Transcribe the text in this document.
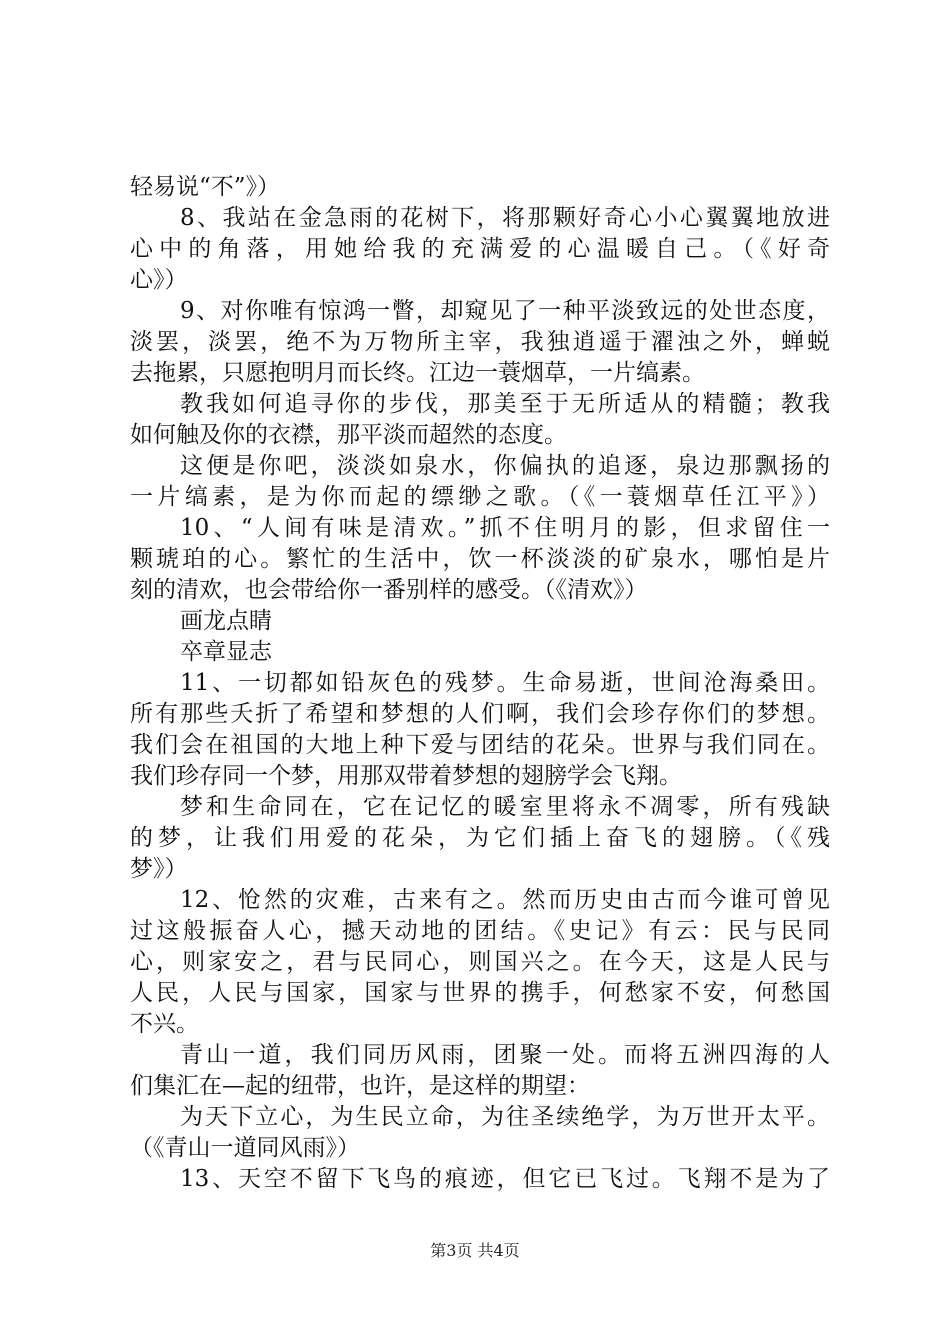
轻易说“不”》）
8、我站在金急雨的花树下，将那颗好奇心小心翼翼地放进
心中的角落，用她给我的充满爱的心温暖自己。（《好奇
心》）
9、对你唯有惊鸿一瞥，却窥见了一种平淡致远的处世态度，
淡罢，淡罢，绝不为万物所主宰，我独逍遥于濯浊之外，蝉蜕
去拖累，只愿抱明月而长终。江边一蓑烟草，一片缟素。
教我如何追寻你的步伐，那美至于无所适从的精髓；教我
如何触及你的衣襟，那平淡而超然的态度。
这便是你吧，淡淡如泉水，你偏执的追逐，泉边那飘扬的
一片缟素，是为你而起的缥缈之歌。（《一蓑烟草任江平》）
10、“人间有味是清欢。”抓不住明月的影，但求留住一
颗琥珀的心。繁忙的生活中，饮一杯淡淡的矿泉水，哪怕是片
刻的清欢，也会带给你一番别样的感受。（《清欢》）
画龙点睛
卒章显志
11、一切都如铅灰色的残梦。生命易逝，世间沧海桑田。
所有那些夭折了希望和梦想的人们啊，我们会珍存你们的梦想。
我们会在祖国的大地上种下爱与团结的花朵。世界与我们同在。
我们珍存同一个梦，用那双带着梦想的翅膀学会飞翔。
梦和生命同在，它在记忆的暖室里将永不凋零，所有残缺
的梦，让我们用爱的花朵，为它们插上奋飞的翅膀。（《残
梦》）
12、怆然的灾难，古来有之。然而历史由古而今谁可曾见
过这般振奋人心，撼天动地的团结。《史记》有云：民与民同
心，则家安之，君与民同心，则国兴之。在今天，这是人民与
人民，人民与国家，国家与世界的携手，何愁家不安，何愁国
不兴。
青山一道，我们同历风雨，团聚一处。而将五洲四海的人
们集汇在—起的纽带，也许，是这样的期望：
为天下立心，为生民立命，为往圣续绝学，为万世开太平。
（《青山一道同风雨》）
13、天空不留下飞鸟的痕迹，但它已飞过。飞翔不是为了
第3页 共4页
